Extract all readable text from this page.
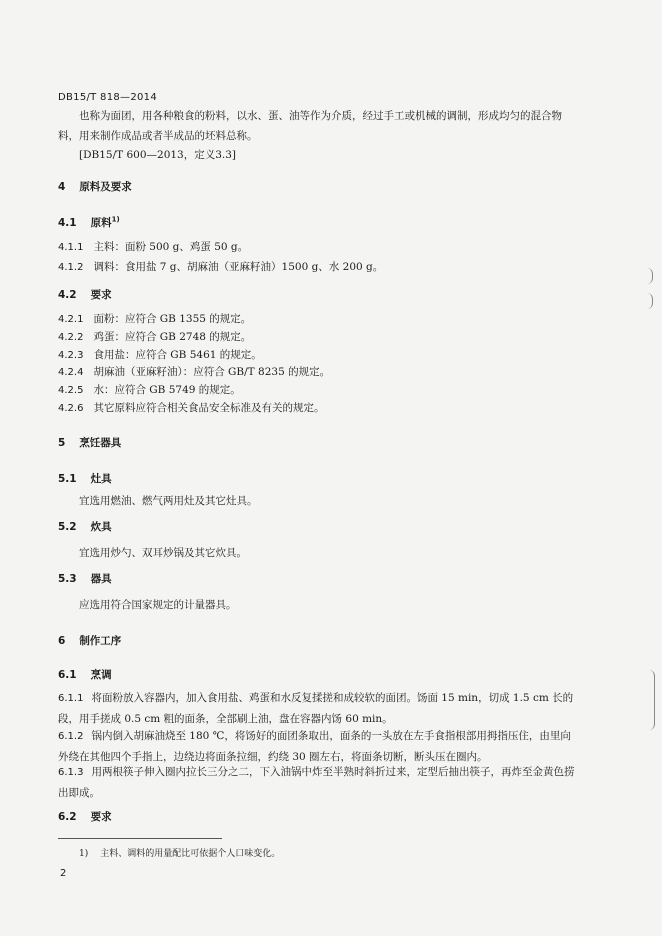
DB15/T 818—2014
也称为面团，用各种粮食的粉料，以水、蛋、油等作为介质，经过手工或机械的调制，形成均匀的混合物料，用来制作成品或者半成品的坯料总称。
[DB15/T 600—2013，定义3.3]
4 原料及要求
4.1 原料$^{1)}$
4.1.1 主料：面粉 500 g、鸡蛋 50 g。
4.1.2 调料：食用盐 7 g、胡麻油（亚麻籽油）1500 g、水 200 g。
4.2 要求
4.2.1 面粉：应符合 GB 1355 的规定。
4.2.2 鸡蛋：应符合 GB 2748 的规定。
4.2.3 食用盐：应符合 GB 5461 的规定。
4.2.4 胡麻油（亚麻籽油）：应符合 GB/T 8235 的规定。
4.2.5 水：应符合 GB 5749 的规定。
4.2.6 其它原料应符合相关食品安全标准及有关的规定。
5 烹饪器具
5.1 灶具
宜选用燃油、燃气两用灶及其它灶具。
5.2 炊具
宜选用炒勺、双耳炒锅及其它炊具。
5.3 器具
应选用符合国家规定的计量器具。
6 制作工序
6.1 烹调
6.1.1 将面粉放入容器内，加入食用盐、鸡蛋和水反复揉搓和成较软的面团。饧面 15 min，切成 1.5 cm 长的段，用手搓成 0.5 cm 粗的面条，全部刷上油，盘在容器内饧 60 min。
6.1.2 锅内倒入胡麻油烧至 180 ℃，将饧好的面团条取出，面条的一头放在左手食指根部用拇指压住，由里向外绕在其他四个手指上，边绕边将面条拉细，约绕 30 圈左右，将面条切断，断头压在圈内。
6.1.3 用两根筷子伸入圈内拉长三分之二，下入油锅中炸至半熟时斜折过来，定型后抽出筷子，再炸至金黄色捞出即成。
6.2 要求
1) 主料、调料的用量配比可依据个人口味变化。
2
